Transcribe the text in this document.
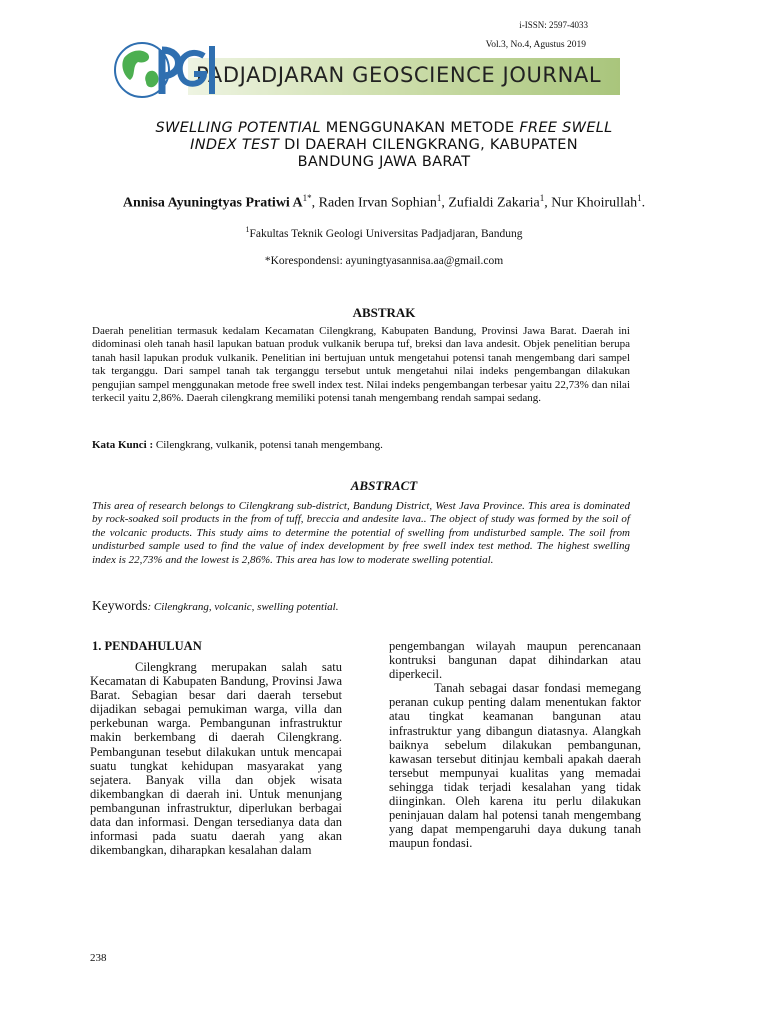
i-ISSN: 2597-4033
Vol.3, No.4, Agustus 2019
PADJADJARAN GEOSCIENCE JOURNAL
SWELLING POTENTIAL MENGGUNAKAN METODE FREE SWELL
INDEX TEST DI DAERAH CILENGKRANG, KABUPATEN
BANDUNG JAWA BARAT
Annisa Ayuningtyas Pratiwi $A^{1*}$, Raden Irvan Sophian$^1$, Zufialdi Zakaria$^1$, Nur Khoirullah$^1$.
$^1$Fakultas Teknik Geologi Universitas Padjadjaran, Bandung
*Korespondensi: ayuningtyasannisa.aa@gmail.com
ABSTRAK
Daerah penelitian termasuk kedalam Kecamatan Cilengkrang, Kabupaten Bandung, Provinsi Jawa Barat. Daerah ini didominasi oleh tanah hasil lapukan batuan produk vulkanik berupa tuf, breksi dan lava andesit. Objek penelitian berupa tanah hasil lapukan produk vulkanik. Penelitian ini bertujuan untuk mengetahui potensi tanah mengembang dari sampel tak terganggu. Dari sampel tanah tak terganggu tersebut untuk mengetahui nilai indeks pengembangan dilakukan pengujian sampel menggunakan metode free swell index test. Nilai indeks pengembangan terbesar yaitu 22,73% dan nilai terkecil yaitu 2,86%. Daerah cilengkrang memiliki potensi tanah mengembang rendah sampai sedang.
Kata Kunci : Cilengkrang, vulkanik, potensi tanah mengembang.
ABSTRACT
This area of research belongs to Cilengkrang sub-district, Bandung District, West Java Province. This area is dominated by rock-soaked soil products in the from of tuff, breccia and andesite lava.. The object of study was formed by the soil of the volcanic products. This study aims to determine the potential of swelling from undisturbed sample. The soil from undisturbed sample used to find the value of index development by free swell index test method. The highest swelling index is 22,73% and the lowest is 2,86%. This area has low to moderate swelling potential.
Keywords: Cilengkrang, volcanic, swelling potential.
1. PENDAHULUAN

Cilengkrang merupakan salah satu Kecamatan di Kabupaten Bandung, Provinsi Jawa Barat. Sebagian besar dari daerah tersebut dijadikan sebagai pemukiman warga, villa dan perkebunan warga. Pembangunan infrastruktur makin berkembang di daerah Cilengkrang. Pembangunan tesebut dilakukan untuk mencapai suatu tungkat kehidupan masyarakat yang sejatera. Banyak villa dan objek wisata dikembangkan di daerah ini. Untuk menunjang pembangunan infrastruktur, diperlukan berbagai data dan informasi. Dengan tersedianya data dan informasi pada suatu daerah yang akan dikembangkan, diharapkan kesalahan dalam

pengembangan wilayah maupun perencanaan kontruksi bangunan dapat dihindarkan atau diperkecil.

Tanah sebagai dasar fondasi memegang peranan cukup penting dalam menentukan faktor atau tingkat keamanan bangunan atau infrastruktur yang dibangun diatasnya. Alangkah baiknya sebelum dilakukan pembangunan, kawasan tersebut ditinjau kembali apakah daerah tersebut mempunyai kualitas yang memadai sehingga tidak terjadi kesalahan yang tidak diinginkan. Oleh karena itu perlu dilakukan peninjauan dalam hal potensi tanah mengembang yang dapat mempengaruhi daya dukung tanah maupun fondasi.

238
